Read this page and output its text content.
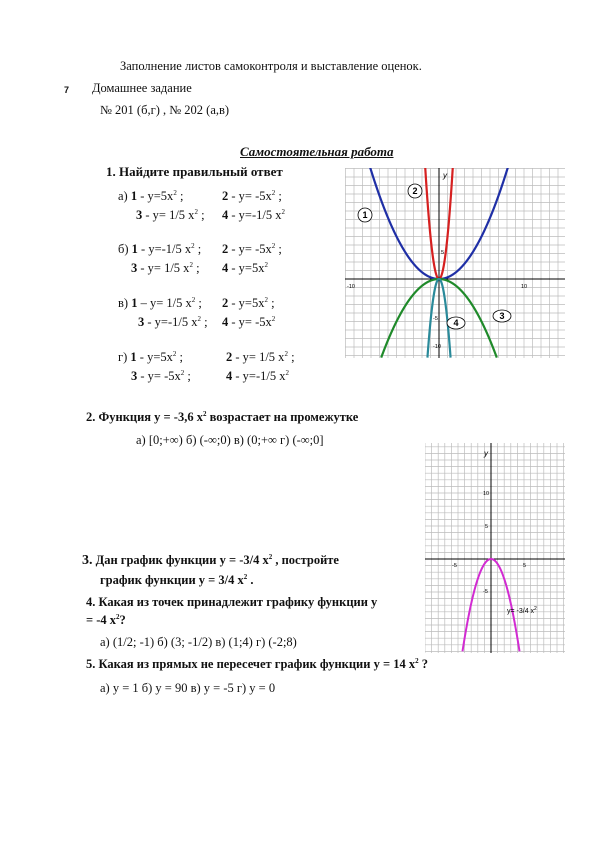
Заполнение листов самоконтроля и выставление оценок.
7 Домашнее задание
№ 201 (б,г) , № 202 (а,в)
Самостоятельная работа
1. Найдите правильный ответ
а) $1 - y=5x^2$ ;	$2 - y= -5x^2$ ;
3 - y= 1/5 $x^2$ ; 4 - y=-1/5 $x^2$
б) 1 - y=-1/5 $x^2$ ; $2 - y= -5x^2$ ;
3 - y= 1/5 $x^2$ ; $4 - y=5x^2$
в) 1 – y= 1/5 $x^2$ ; $2 - y=5x^2$ ;
3 - y=-1/5 $x^2$ ; $4 - y= -5x^2$
г) $1 - y=5x^2$ ;	2 - y= 1/5 $x^2$ ;
$3 - y= -5x^2$ ;	4 - y=-1/5 $x^2$
y
-10	10
5
-5
-10
1
2
3
4
2. Функция у = -3,6 $х^2$ возрастает на промежутке
а) [0;+∞) б) (-∞;0) в) (0;+∞ г) (-∞;0]
y
10
5
-5	5
-5
y= -3/4 $x^2$
3. Дан график функции у = -3/4 $х^2$ , постройте
график функции у = 3/4 $х^2$ .
4. Какая из точек принадлежит графику функции у
= -4 $х^2$?
а) (1/2; -1) б) (3; -1/2) в) (1;4) г) (-2;8)
5. Какая из прямых не пересечет график функции у = 14 $х^2$ ?
а) у = 1 б) у = 90 в) у = -5 г) у = 0
